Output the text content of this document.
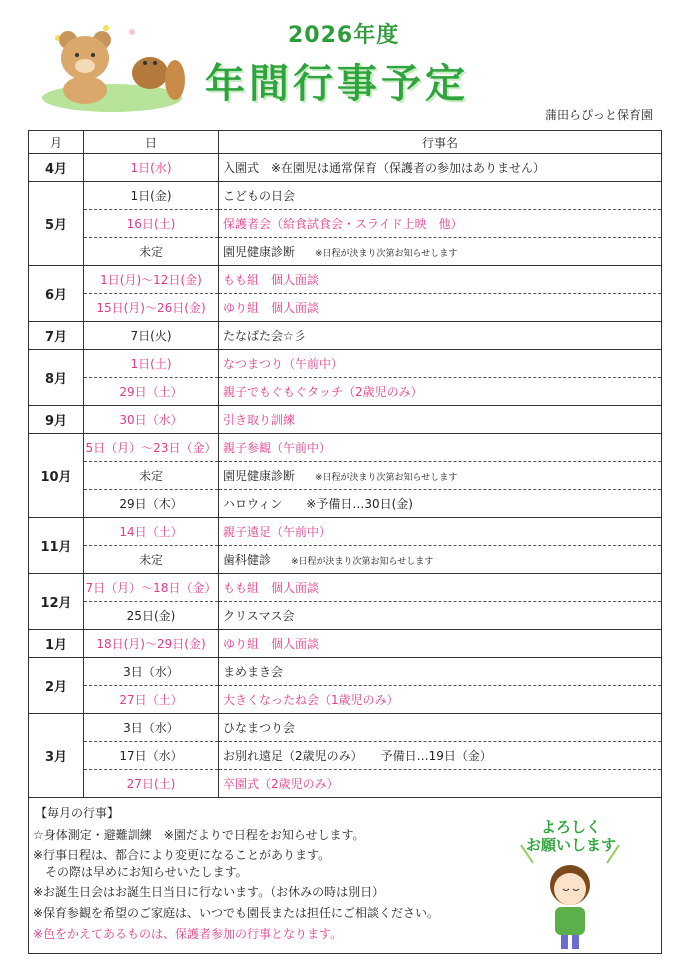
2026年度
年間行事予定
蒲田らぴっと保育園
月	日	行事名
4月	1日(水)	入園式　※在園児は通常保育（保護者の参加はありません）
5月	1日(金)	こどもの日会
	16日(土)	保護者会（給食試食会・スライド上映　他）
	未定	園児健康診断 ※日程が決まり次第お知らせします
6月	1日(月)～12日(金)	もも組　個人面談
	15日(月)～26日(金)	ゆり組　個人面談
7月	7日(火)	たなばた会☆彡
8月	1日(土)	なつまつり（午前中）
	29日（土）	親子でもぐもぐタッチ（2歳児のみ）
9月	30日（水）	引き取り訓練
10月	5日（月）～23日（金）	親子参観（午前中）
	未定	園児健康診断 ※日程が決まり次第お知らせします
	29日（木）	ハロウィン　　※予備日…30日(金)
11月	14日（土）	親子遠足（午前中）
	未定	歯科健診 ※日程が決まり次第お知らせします
12月	7日（月）～18日（金）	もも組　個人面談
	25日(金)	クリスマス会
1月	18日(月)～29日(金)	ゆり組　個人面談
2月	3日（水）	まめまき会
	27日（土）	大きくなったね会（1歳児のみ）
3月	3日（水）	ひなまつり会
	17日（水）	お別れ遠足（2歳児のみ）　　予備日…19日（金）
	27日(土)	卒園式（2歳児のみ）
【毎月の行事】
☆身体測定・避難訓練　※園だよりで日程をお知らせします。
※行事日程は、都合により変更になることがあります。
　その際は早めにお知らせいたします。
※お誕生日会はお誕生日当日に行ないます。（お休みの時は別日）
※保育参観を希望のご家庭は、いつでも園長または担任にご相談ください。
※色をかえてあるものは、保護者参加の行事となります。
よろしく
お願いします
